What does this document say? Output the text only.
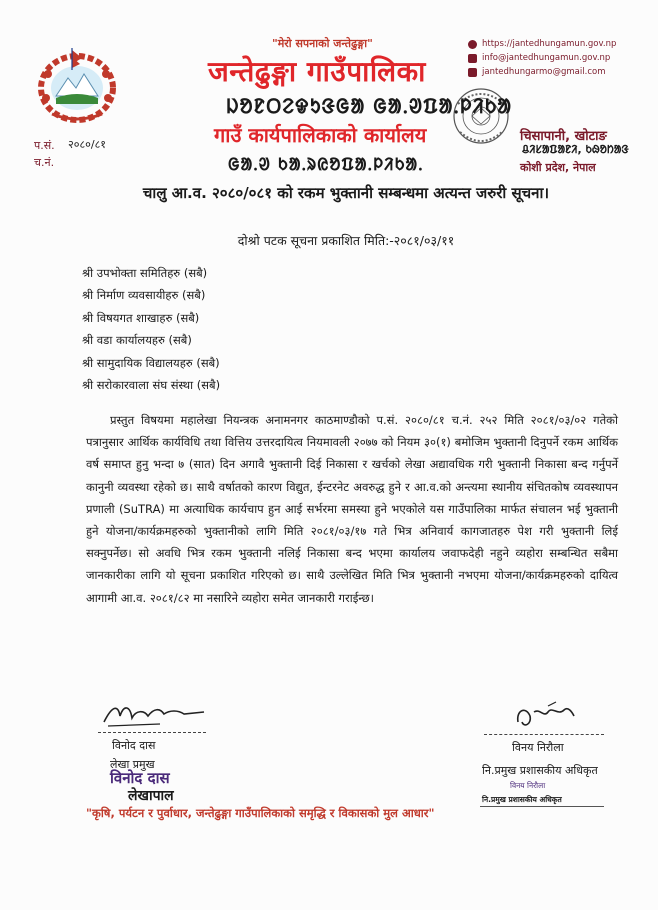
"मेरो सपनाको जन्तेढुङ्गा"
जन्तेढुङ्गा गाउँपालिका
ᱡᱚᱱᱛᱮᱫᱩᱝᱜᱟ ᱜᱟᱹᱣᱯᱟᱹᱞᱤᱠᱟ
गाउँ कार्यपालिकाको कार्यालय
ᱜᱟᱹᱣ ᱠᱟᱹᱨᱭᱚᱯᱟᱹᱞᱤᱠᱟᱹ
https://jantedhungamun.gov.np
info@jantedhungamun.gov.np
jantedhungarmo@gmail.com
चिसापानी, खोटाङ
ᱪᱤᱥᱟᱯᱟᱱᱤ, ᱠᱷᱚᱴᱟᱝ
कोशी प्रदेश, नेपाल
प.सं. २०८०/८१
च.नं.
चालु आ.व. २०८०/०८१ को रकम भुक्तानी सम्बन्धमा अत्यन्त जरुरी सूचना।
दोश्रो पटक सूचना प्रकाशित मिति:-२०८१/०३/११
श्री उपभोक्ता समितिहरु (सबै)
श्री निर्माण व्यवसायीहरु (सबै)
श्री विषयगत शाखाहरु (सबै)
श्री वडा कार्यालयहरु (सबै)
श्री सामुदायिक विद्यालयहरु (सबै)
श्री सरोकारवाला संघ संस्था (सबै)

प्रस्तुत विषयमा महालेखा नियन्त्रक अनामनगर काठमाण्डौको प.सं. २०८०/८१ च.नं. २५२ मिति २०८१/०३/०२ गतेको पत्रानुसार आर्थिक कार्यविधि तथा वित्तिय उत्तरदायित्व नियमावली २०७७ को नियम ३०(१) बमोजिम भुक्तानी दिनुपर्ने रकम आर्थिक वर्ष समाप्त हुनु भन्दा ७ (सात) दिन अगावै भुक्तानी दिई निकासा र खर्चको लेखा अद्यावधिक गरी भुक्तानी निकासा बन्द गर्नुपर्ने कानुनी व्यवस्था रहेको छ। साथै वर्षातको कारण विद्युत, ईन्टरनेट अवरुद्ध हुने र आ.व.को अन्त्यमा स्थानीय संचितकोष व्यवस्थापन प्रणाली (SuTRA) मा अत्याधिक कार्यचाप हुन आई सर्भरमा समस्या हुने भएकोले यस गाउँपालिका मार्फत संचालन भई भुक्तानी हुने योजना/कार्यक्रमहरुको भुक्तानीको लागि मिति २०८१/०३/१७ गते भित्र अनिवार्य कागजातहरु पेश गरी भुक्तानी लिई सक्नुपर्नेछ। सो अवधि भित्र रकम भुक्तानी नलिई निकासा बन्द भएमा कार्यालय जवाफदेही नहुने व्यहोरा सम्बन्धित सबैमा जानकारीका लागि यो सूचना प्रकाशित गरिएको छ। साथै उल्लेखित मिति भित्र भुक्तानी नभएमा योजना/कार्यक्रमहरुको दायित्व आगामी आ.व. २०८१/८२ मा नसारिने व्यहोरा समेत जानकारी गराईन्छ।

विनोद दास
लेखा प्रमुख
विनोद दास
लेखापाल
विनय निरौला
नि.प्रमुख प्रशासकीय अधिकृत
विनय निरौला
नि.प्रमुख प्रशासकीय अधिकृत
"कृषि, पर्यटन र पुर्वाधार, जन्तेढुङ्गा गाउँपालिकाको समृद्धि र विकासको मुल आधार"
